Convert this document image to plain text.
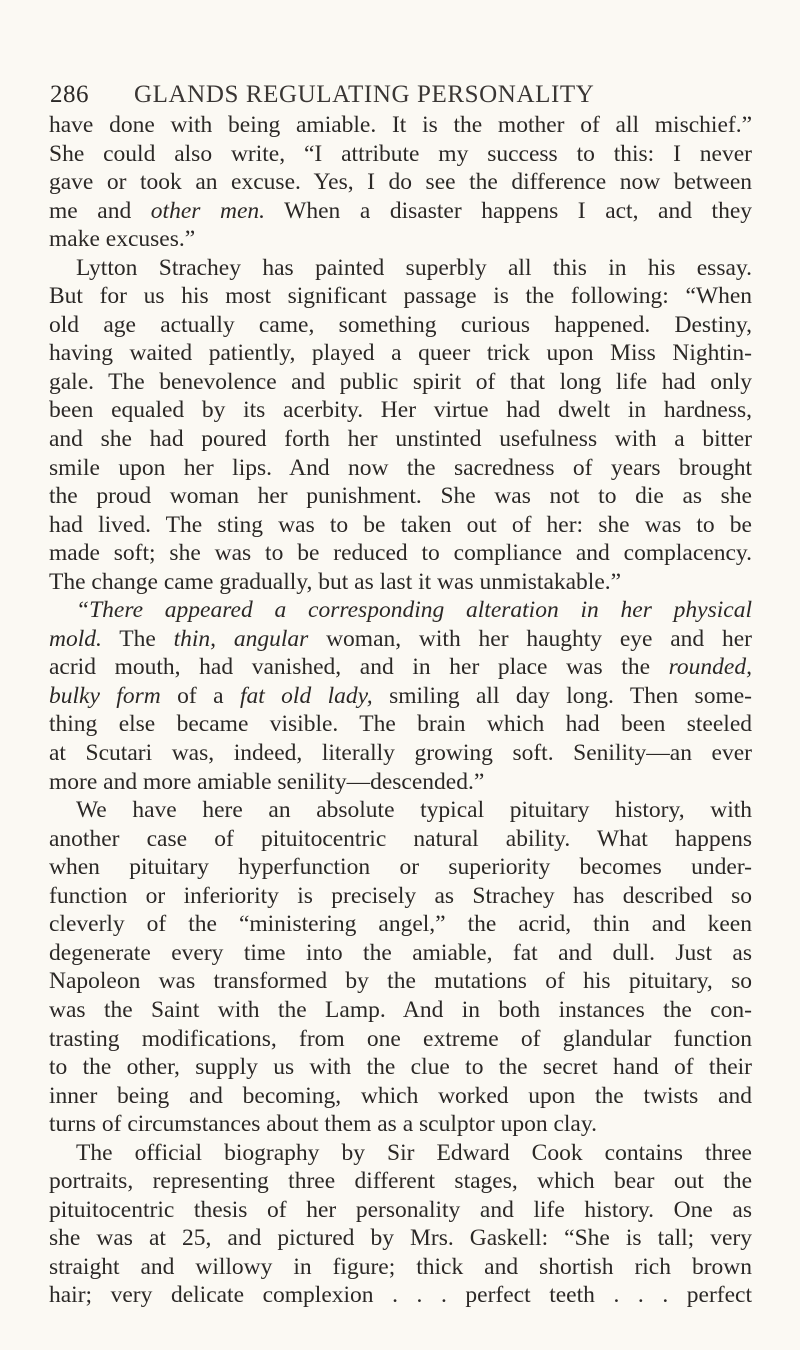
286 GLANDS REGULATING PERSONALITY
have done with being amiable. It is the mother of all mischief.”
She could also write, “I attribute my success to this: I never
gave or took an excuse. Yes, I do see the difference now between
me and other men. When a disaster happens I act, and they
make excuses.”
Lytton Strachey has painted superbly all this in his essay.
But for us his most significant passage is the following: “When
old age actually came, something curious happened. Destiny,
having waited patiently, played a queer trick upon Miss Nightin-
gale. The benevolence and public spirit of that long life had only
been equaled by its acerbity. Her virtue had dwelt in hardness,
and she had poured forth her unstinted usefulness with a bitter
smile upon her lips. And now the sacredness of years brought
the proud woman her punishment. She was not to die as she
had lived. The sting was to be taken out of her: she was to be
made soft; she was to be reduced to compliance and complacency.
The change came gradually, but as last it was unmistakable.”
“There appeared a corresponding alteration in her physical
mold. The thin, angular woman, with her haughty eye and her
acrid mouth, had vanished, and in her place was the rounded,
bulky form of a fat old lady, smiling all day long. Then some-
thing else became visible. The brain which had been steeled
at Scutari was, indeed, literally growing soft. Senility—an ever
more and more amiable senility—descended.”
We have here an absolute typical pituitary history, with
another case of pituitocentric natural ability. What happens
when pituitary hyperfunction or superiority becomes under-
function or inferiority is precisely as Strachey has described so
cleverly of the “ministering angel,” the acrid, thin and keen
degenerate every time into the amiable, fat and dull. Just as
Napoleon was transformed by the mutations of his pituitary, so
was the Saint with the Lamp. And in both instances the con-
trasting modifications, from one extreme of glandular function
to the other, supply us with the clue to the secret hand of their
inner being and becoming, which worked upon the twists and
turns of circumstances about them as a sculptor upon clay.
The official biography by Sir Edward Cook contains three
portraits, representing three different stages, which bear out the
pituitocentric thesis of her personality and life history. One as
she was at 25, and pictured by Mrs. Gaskell: “She is tall; very
straight and willowy in figure; thick and shortish rich brown
hair; very delicate complexion . . . perfect teeth . . . perfect
